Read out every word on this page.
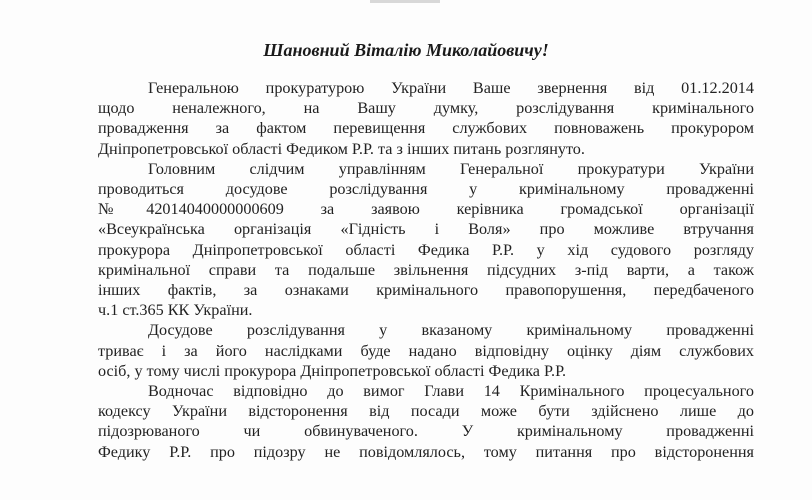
Шановний Віталію Миколайовичу!

Генеральною прокуратурою України Ваше звернення від 01.12.2014
щодо неналежного, на Вашу думку, розслідування кримінального
провадження за фактом перевищення службових повноважень прокурором
Дніпропетровської області Федиком Р.Р. та з інших питань розглянуто.

Головним слідчим управлінням Генеральної прокуратури України
проводиться досудове розслідування у кримінальному провадженні
№42014040000000609 за заявою керівника громадської організації
«Всеукраїнська організація «Гідність і Воля» про можливе втручання
прокурора Дніпропетровської області Федика Р.Р. у хід судового розгляду
кримінальної справи та подальше звільнення підсудних з-під варти, а також
інших фактів, за ознаками кримінального правопорушення, передбаченого
ч.1 ст.365 КК України.

Досудове розслідування у вказаному кримінальному провадженні
триває і за його наслідками буде надано відповідну оцінку діям службових
осіб, у тому числі прокурора Дніпропетровської області Федика Р.Р.

Водночас відповідно до вимог Глави 14 Кримінального процесуального
кодексу України відсторонення від посади може бути здійснено лише до
підозрюваного чи обвинуваченого. У кримінальному провадженні
Федику Р.Р. про підозру не повідомлялось, тому питання про відсторонення
